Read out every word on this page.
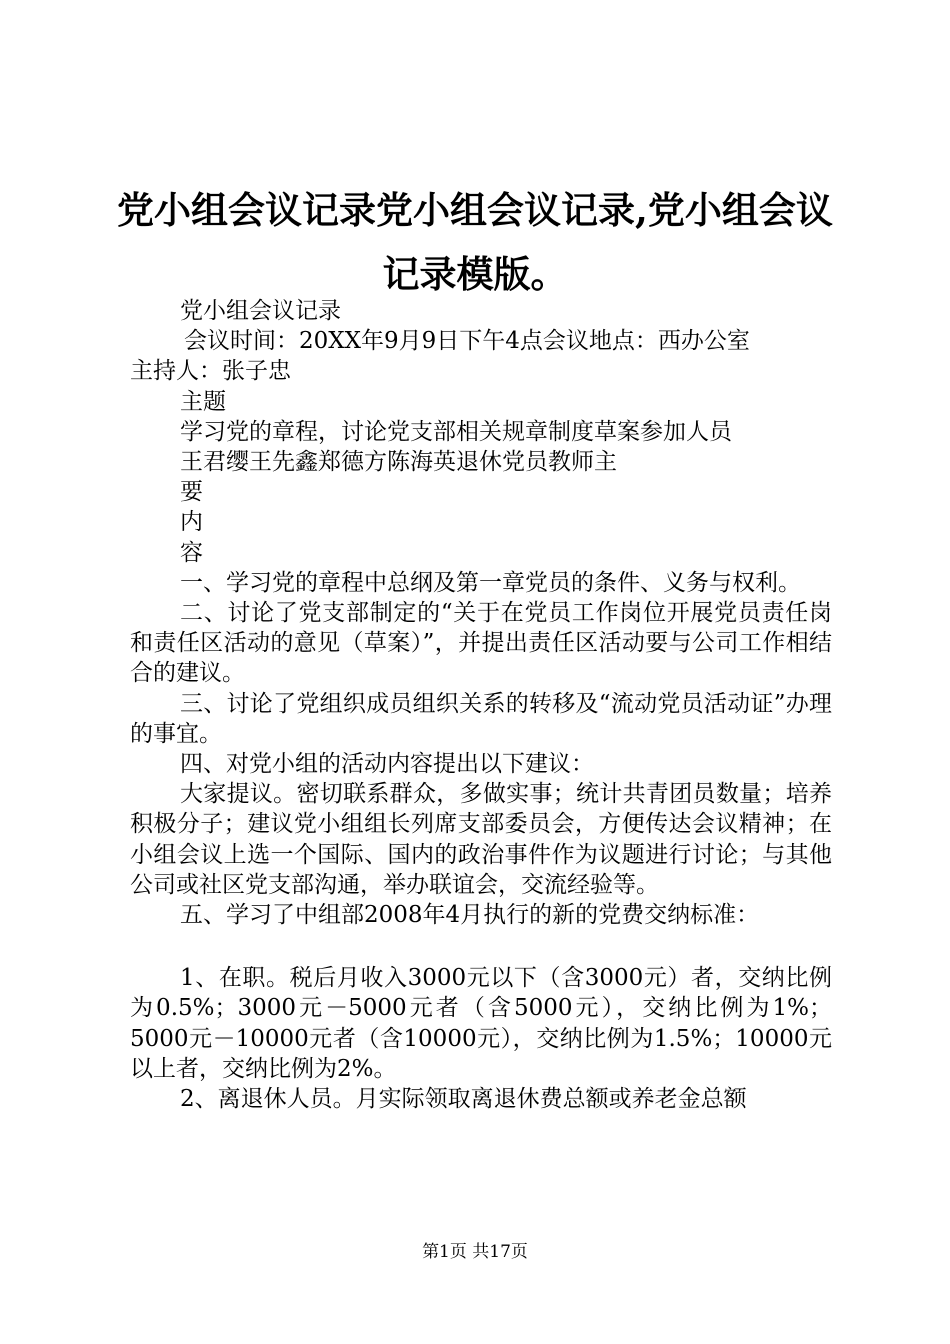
党小组会议记录党小组会议记录,党小组会议记录模版。

党小组会议记录

会议时间：20XX年9月9日下午4点会议地点：西办公室

主持人：张子忠

主题

学习党的章程，讨论党支部相关规章制度草案参加人员

王君缨王先鑫郑德方陈海英退休党员教师主

要

内

容

一、学习党的章程中总纲及第一章党员的条件、义务与权利。

二、讨论了党支部制定的“关于在党员工作岗位开展党员责任岗和责任区活动的意见（草案）”，并提出责任区活动要与公司工作相结合的建议。

三、讨论了党组织成员组织关系的转移及“流动党员活动证”办理的事宜。

四、对党小组的活动内容提出以下建议：

大家提议。密切联系群众，多做实事；统计共青团员数量；培养积极分子；建议党小组组长列席支部委员会，方便传达会议精神；在小组会议上选一个国际、国内的政治事件作为议题进行讨论；与其他公司或社区党支部沟通，举办联谊会，交流经验等。

五、学习了中组部2008年4月执行的新的党费交纳标准：

1、在职。税后月收入3000元以下（含3000元）者，交纳比例为0.5%；3000元－5000元者（含5000元），交纳比例为1%；5000元－10000元者（含10000元），交纳比例为1.5%；10000元以上者，交纳比例为2%。

2、离退休人员。月实际领取离退休费总额或养老金总额

第1页 共17页
